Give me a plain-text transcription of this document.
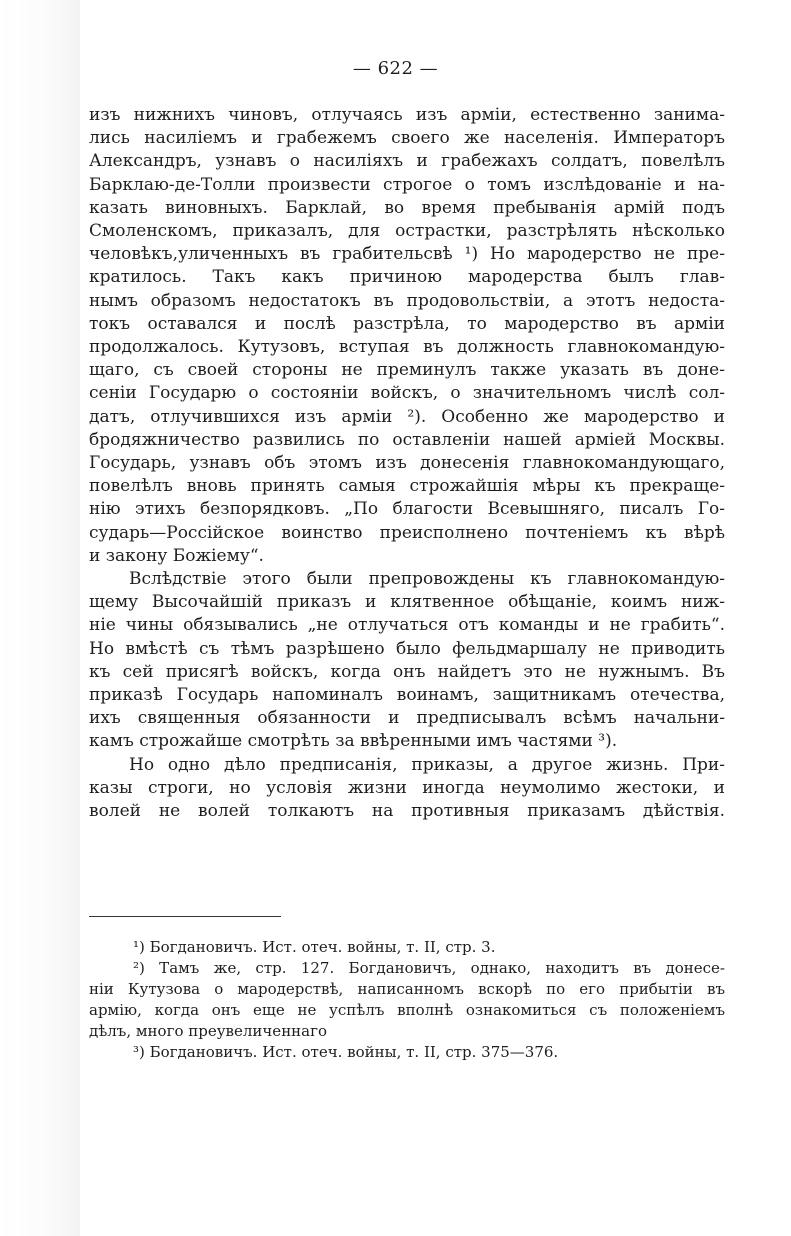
— 622 —
изъ нижнихъ чиновъ, отлучаясь изъ арміи, естественно занима-
лись насиліемъ и грабежемъ своего же населенія. Императоръ
Александръ, узнавъ о насиліяхъ и грабежахъ солдатъ, повелѣлъ
Барклаю-де-Толли произвести строгое о томъ изслѣдованіе и на-
казать виновныхъ. Барклай, во время пребыванія армій подъ
Смоленскомъ, приказалъ, для острастки, разстрѣлять нѣсколько
человѣкъ,уличенныхъ въ грабительсвѣ ¹) Но мародерство не пре-
кратилось. Такъ какъ причиною мародерства былъ глав-
нымъ образомъ недостатокъ въ продовольствіи, а этотъ недоста-
токъ оставался и послѣ разстрѣла, то мародерство въ арміи
продолжалось. Кутузовъ, вступая въ должность главнокомандую-
щаго, съ своей стороны не преминулъ также указать въ доне-
сеніи Государю о состояніи войскъ, о значительномъ числѣ сол-
датъ, отлучившихся изъ арміи ²). Особенно же мародерство и
бродяжничество развились по оставленіи нашей арміей Москвы.
Государь, узнавъ объ этомъ изъ донесенія главнокомандующаго,
повелѣлъ вновь принять самыя строжайшія мѣры къ прекраще-
нію этихъ безпорядковъ. „По благости Всевышняго, писалъ Го-
сударь—Россійское воинство преисполнено почтеніемъ къ вѣрѣ
и закону Божіему“.
Вслѣдствіе этого были препровождены къ главнокомандую-
щему Высочайшій приказъ и клятвенное обѣщаніе, коимъ ниж-
ніе чины обязывались „не отлучаться отъ команды и не грабить“.
Но вмѣстѣ съ тѣмъ разрѣшено было фельдмаршалу не приводить
къ сей присягѣ войскъ, когда онъ найдетъ это не нужнымъ. Въ
приказѣ Государь напоминалъ воинамъ, защитникамъ отечества,
ихъ священныя обязанности и предписывалъ всѣмъ начальни-
камъ строжайше смотрѣть за ввѣренными имъ частями ³).
Но одно дѣло предписанія, приказы, а другое жизнь. При-
казы строги, но условія жизни иногда неумолимо жестоки, и
волей не волей толкаютъ на противныя приказамъ дѣйствія.
¹) Богдановичъ. Ист. отеч. войны, т. II, стр. 3.
²) Тамъ же, стр. 127. Богдановичъ, однако, находитъ въ донесе-
ніи Кутузова о мародерствѣ, написанномъ вскорѣ по его прибытіи въ
армію, когда онъ еще не успѣлъ вполнѣ ознакомиться съ положеніемъ
дѣлъ, много преувеличеннаго
³) Богдановичъ. Ист. отеч. войны, т. II, стр. 375—376.
